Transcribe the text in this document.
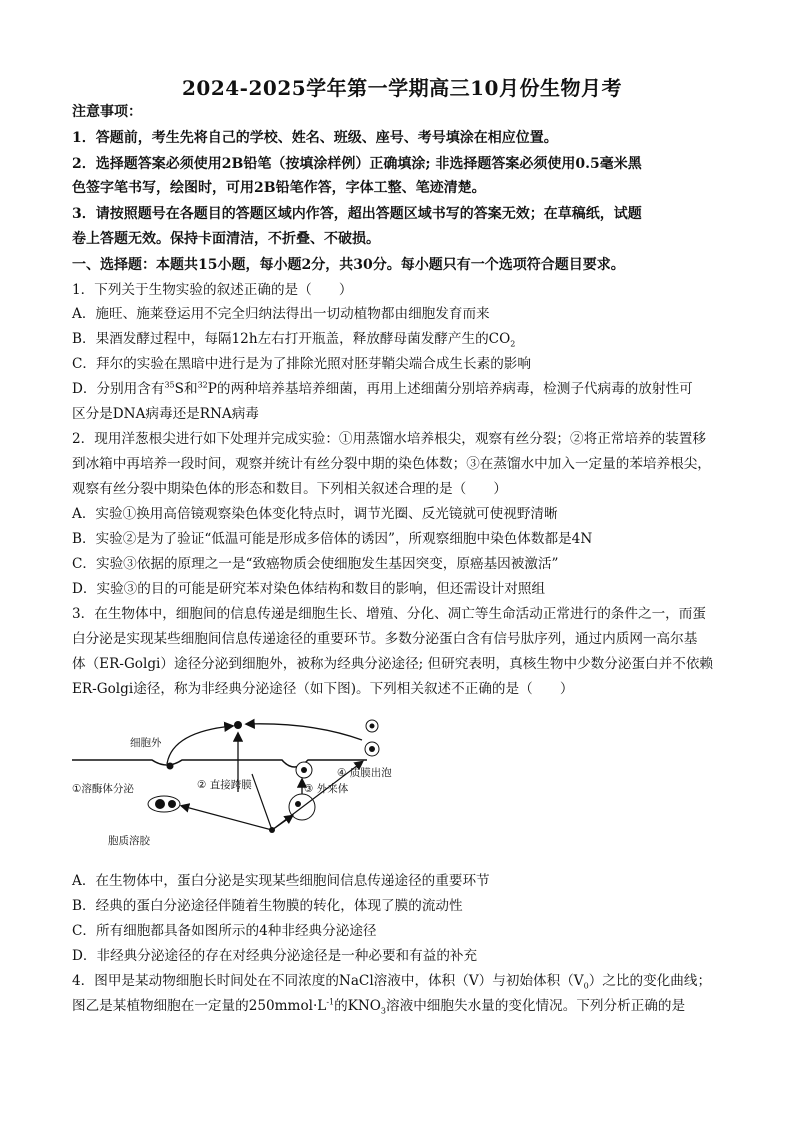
2024-2025学年第一学期高三10月份生物月考
注意事项：
1．答题前，考生先将自己的学校、姓名、班级、座号、考号填涂在相应位置。
2．选择题答案必须使用2B铅笔（按填涂样例）正确填涂; 非选择题答案必须使用0.5毫米黑
色签字笔书写，绘图时，可用2B铅笔作答，字体工整、笔迹清楚。
3．请按照题号在各题目的答题区域内作答，超出答题区域书写的答案无效；在草稿纸，试题
卷上答题无效。保持卡面清洁，不折叠、不破损。
一、选择题：本题共15小题，每小题2分，共30分。每小题只有一个选项符合题目要求。
1．下列关于生物实验的叙述正确的是（　　）
A．施旺、施莱登运用不完全归纳法得出一切动植物都由细胞发育而来
B．果酒发酵过程中，每隔12h左右打开瓶盖，释放酵母菌发酵产生的$CO_2$
C．拜尔的实验在黑暗中进行是为了排除光照对胚芽鞘尖端合成生长素的影响
D．分别用含有$^{35}$S和$^{32}$P的两种培养基培养细菌，再用上述细菌分别培养病毒，检测子代病毒的放射性可
区分是DNA病毒还是RNA病毒
2．现用洋葱根尖进行如下处理并完成实验：①用蒸馏水培养根尖，观察有丝分裂；②将正常培养的装置移
到冰箱中再培养一段时间，观察并统计有丝分裂中期的染色体数；③在蒸馏水中加入一定量的苯培养根尖，
观察有丝分裂中期染色体的形态和数目。下列相关叙述合理的是（　　）
A．实验①换用高倍镜观察染色体变化特点时，调节光圈、反光镜就可使视野清晰
B．实验②是为了验证“低温可能是形成多倍体的诱因”，所观察细胞中染色体数都是4N
C．实验③依据的原理之一是“致癌物质会使细胞发生基因突变，原癌基因被激活”
D．实验③的目的可能是研究苯对染色体结构和数目的影响，但还需设计对照组
3．在生物体中，细胞间的信息传递是细胞生长、增殖、分化、凋亡等生命活动正常进行的条件之一，而蛋
白分泌是实现某些细胞间信息传递途径的重要环节。多数分泌蛋白含有信号肽序列，通过内质网一高尔基
体（ER-Golgi）途径分泌到细胞外，被称为经典分泌途径; 但研究表明，真核生物中少数分泌蛋白并不依赖
ER-Golgi途径，称为非经典分泌途径（如下图)。下列相关叙述不正确的是（　　）
细胞外
①溶酶体分泌	② 直接跨膜	③ 外来体
④ 质膜出泡
胞质溶胶
A．在生物体中，蛋白分泌是实现某些细胞间信息传递途径的重要环节
B．经典的蛋白分泌途径伴随着生物膜的转化，体现了膜的流动性
C．所有细胞都具备如图所示的4种非经典分泌途径
D．非经典分泌途径的存在对经典分泌途径是一种必要和有益的补充
4．图甲是某动物细胞长时间处在不同浓度的NaCl溶液中，体积（V）与初始体积$(V_0)$之比的变化曲线；
图乙是某植物细胞在一定量的$250mmol\cdot L^{-1}$的$KNO_3$溶液中细胞失水量的变化情况。下列分析正确的是
